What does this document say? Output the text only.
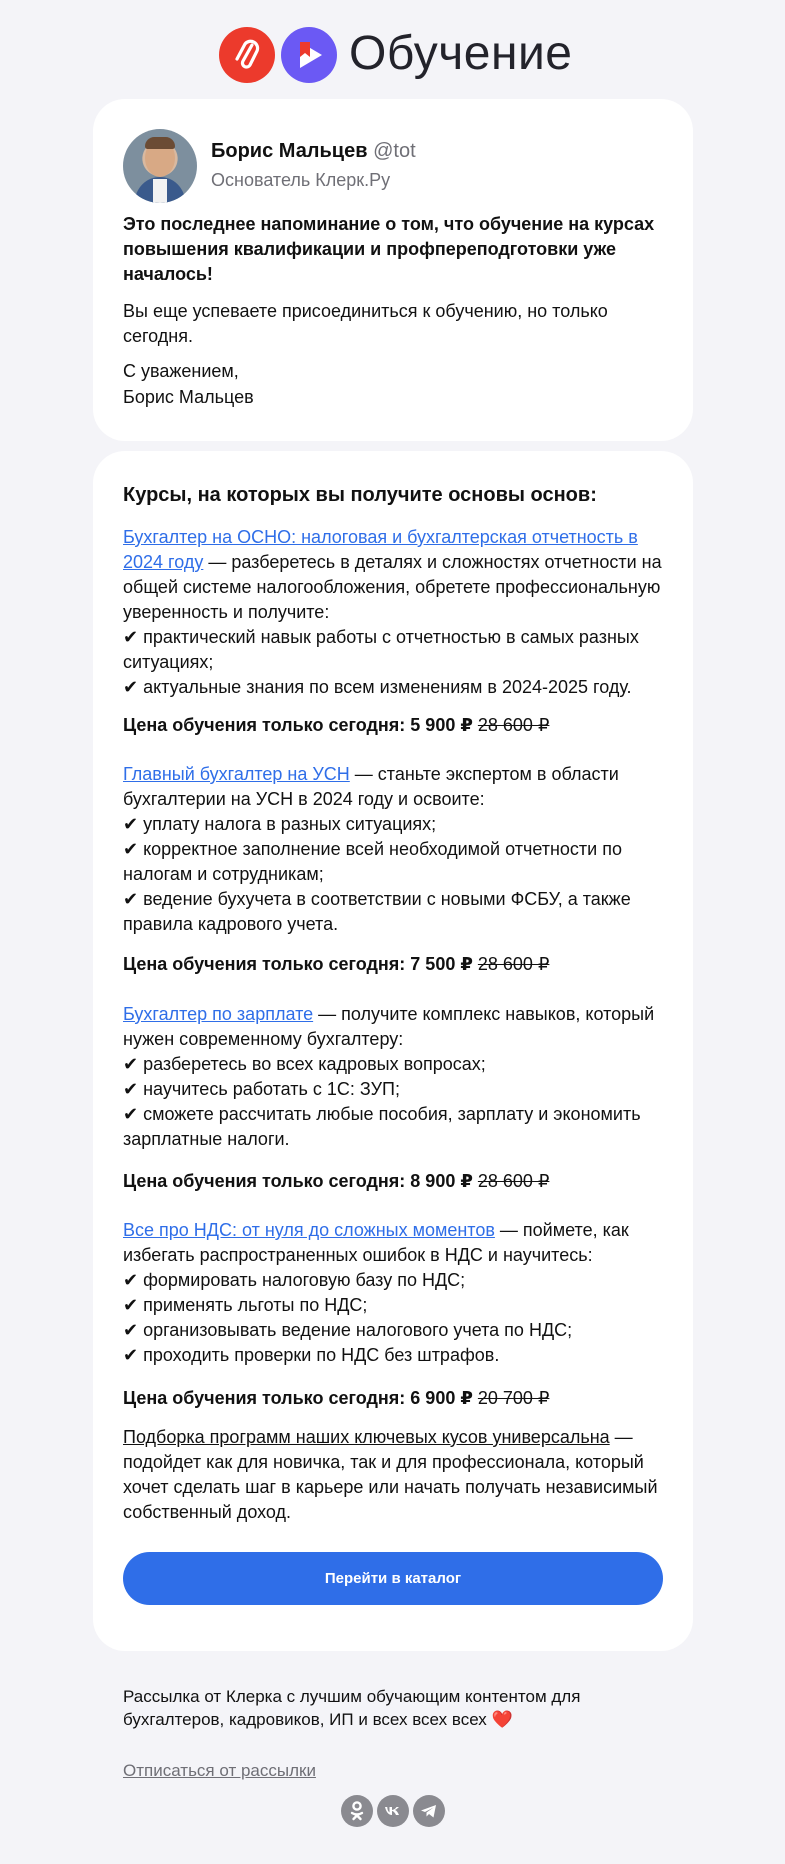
Обучение
Борис Мальцев @tot
Основатель Клерк.Ру
Это последнее напоминание о том, что обучение на курсах повышения квалификации и профпереподготовки уже началось!
Вы еще успеваете присоединиться к обучению, но только сегодня.
С уважением,
Борис Мальцев
Курсы, на которых вы получите основы основ:
Бухгалтер на ОСНО: налоговая и бухгалтерская отчетность в 2024 году — разберетесь в деталях и сложностях отчетности на общей системе налогообложения, обретете профессиональную уверенность и получите:
✔ практический навык работы с отчетностью в самых разных ситуациях;
✔ актуальные знания по всем изменениям в 2024-2025 году.
Цена обучения только сегодня: 5 900 ₽ 28 600 ₽
Главный бухгалтер на УСН — станьте экспертом в области бухгалтерии на УСН в 2024 году и освоите:
✔ уплату налога в разных ситуациях;
✔ корректное заполнение всей необходимой отчетности по налогам и сотрудникам;
✔ ведение бухучета в соответствии с новыми ФСБУ, а также правила кадрового учета.
Цена обучения только сегодня: 7 500 ₽ 28 600 ₽
Бухгалтер по зарплате — получите комплекс навыков, который нужен современному бухгалтеру:
✔ разберетесь во всех кадровых вопросах;
✔ научитесь работать с 1С: ЗУП;
✔ сможете рассчитать любые пособия, зарплату и экономить зарплатные налоги.
Цена обучения только сегодня: 8 900 ₽ 28 600 ₽
Все про НДС: от нуля до сложных моментов — поймете, как избегать распространенных ошибок в НДС и научитесь:
✔ формировать налоговую базу по НДС;
✔ применять льготы по НДС;
✔ организовывать ведение налогового учета по НДС;
✔ проходить проверки по НДС без штрафов.
Цена обучения только сегодня: 6 900 ₽ 20 700 ₽
Подборка программ наших ключевых кусов универсальна — подойдет как для новичка, так и для профессионала, который хочет сделать шаг в карьере или начать получать независимый собственный доход.
Перейти в каталог
Рассылка от Клерка с лучшим обучающим контентом для бухгалтеров, кадровиков, ИП и всех всех всех ❤️
Отписаться от рассылки
